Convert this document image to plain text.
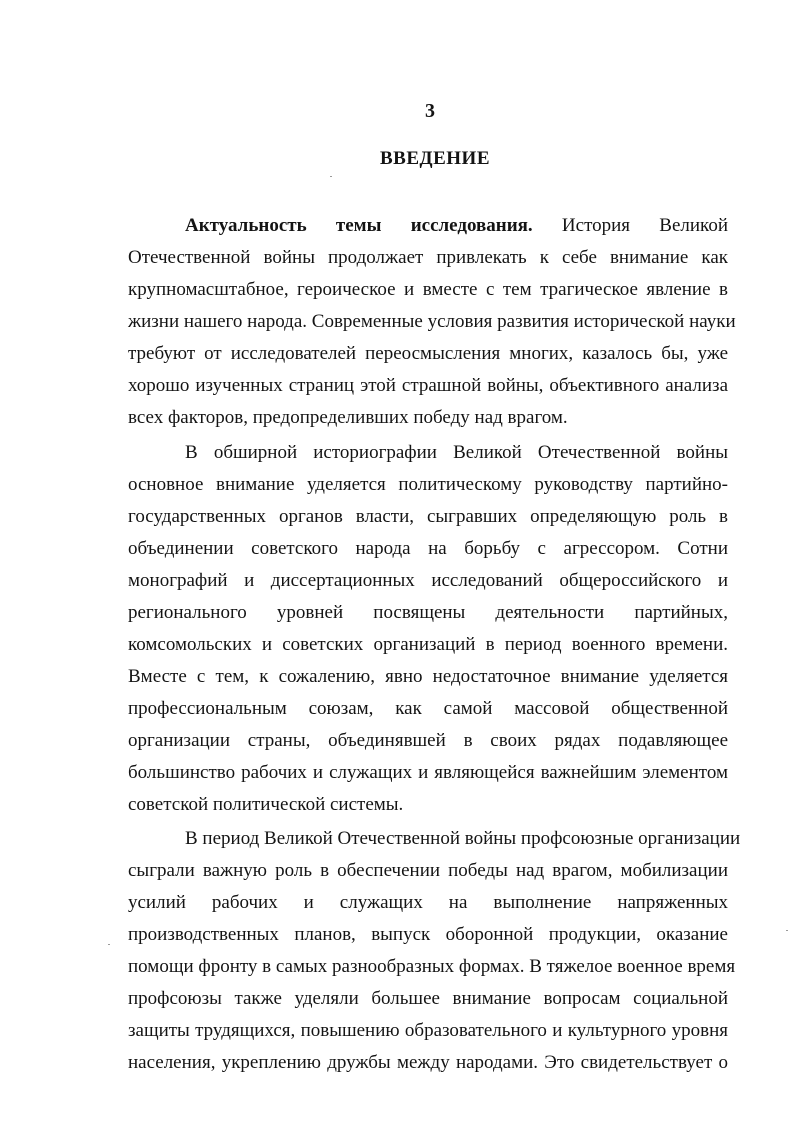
3
ВВЕДЕНИЕ
Актуальность темы исследования. История Великой
Отечественной войны продолжает привлекать к себе внимание как
крупномасштабное, героическое и вместе с тем трагическое явление в
жизни нашего народа. Современные условия развития исторической науки
требуют от исследователей переосмысления многих, казалось бы, уже
хорошо изученных страниц этой страшной войны, объективного анализа
всех факторов, предопределивших победу над врагом.
В обширной историографии Великой Отечественной войны
основное внимание уделяется политическому руководству партийно-
государственных органов власти, сыгравших определяющую роль в
объединении советского народа на борьбу с агрессором. Сотни
монографий и диссертационных исследований общероссийского и
регионального уровней посвящены деятельности партийных,
комсомольских и советских организаций в период военного времени.
Вместе с тем, к сожалению, явно недостаточное внимание уделяется
профессиональным союзам, как самой массовой общественной
организации страны, объединявшей в своих рядах подавляющее
большинство рабочих и служащих и являющейся важнейшим элементом
советской политической системы.
В период Великой Отечественной войны профсоюзные организации
сыграли важную роль в обеспечении победы над врагом, мобилизации
усилий рабочих и служащих на выполнение напряженных
производственных планов, выпуск оборонной продукции, оказание
помощи фронту в самых разнообразных формах. В тяжелое военное время
профсоюзы также уделяли большее внимание вопросам социальной
защиты трудящихся, повышению образовательного и культурного уровня
населения, укреплению дружбы между народами. Это свидетельствует о
